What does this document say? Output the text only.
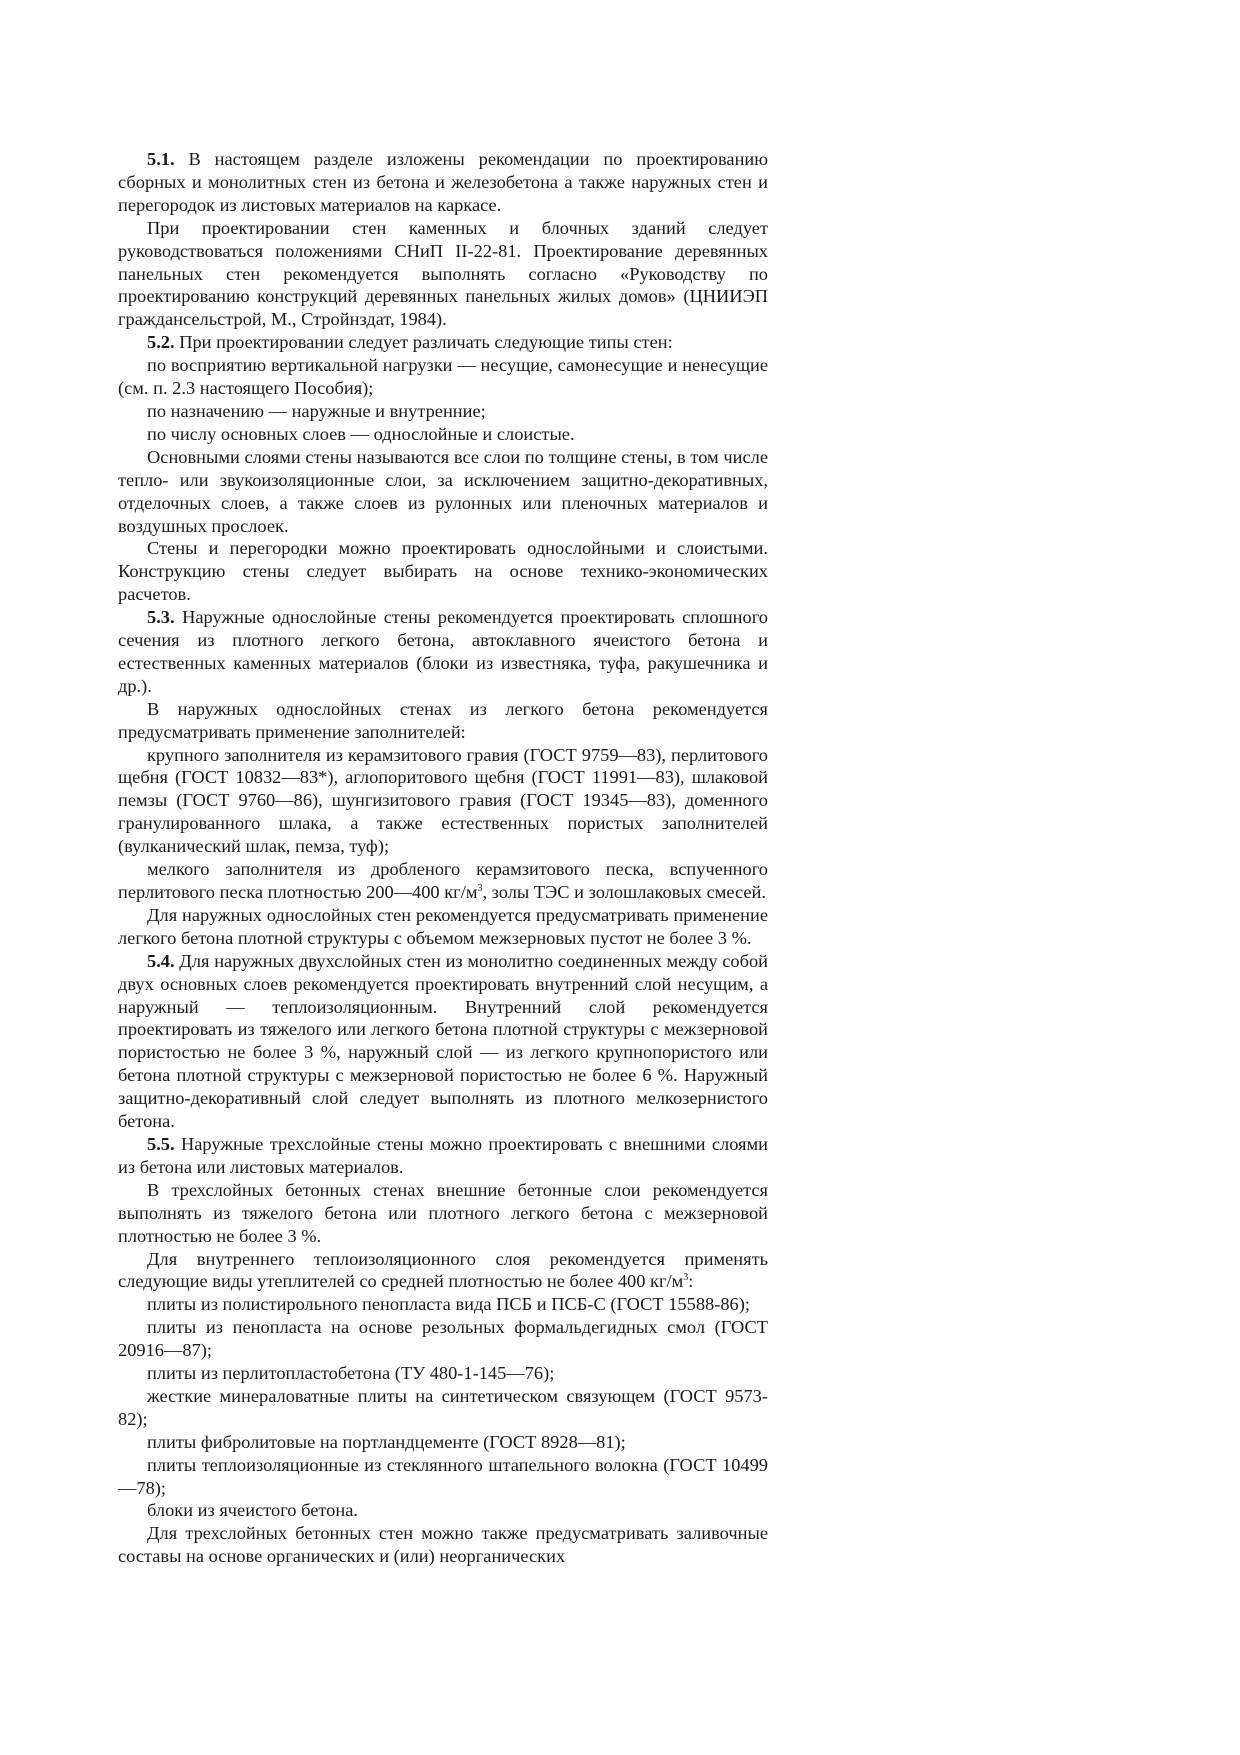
5.1. В настоящем разделе изложены рекомендации по проектированию сборных и монолитных стен из бетона и железобетона а также наружных стен и перегородок из листовых материалов на каркасе.

При проектировании стен каменных и блочных зданий следует руководствоваться положениями СНиП II-22-81. Проектирование деревянных панельных стен рекомендуется выполнять согласно «Руководству по проектированию конструкций деревянных панельных жилых домов» (ЦНИИЭП граждансельстрой, М., Стройнздат, 1984).

5.2. При проектировании следует различать следующие типы стен:

по восприятию вертикальной нагрузки — несущие, самонесущие и ненесущие (см. п. 2.3 настоящего Пособия);

по назначению — наружные и внутренние;

по числу основных слоев — однослойные и слоистые.

Основными слоями стены называются все слои по толщине стены, в том числе тепло- или звукоизоляционные слои, за исключением защитно-декоративных, отделочных слоев, а также слоев из рулонных или пленочных материалов и воздушных прослоек.

Стены и перегородки можно проектировать однослойными и слоистыми. Конструкцию стены следует выбирать на основе технико-экономических расчетов.

5.3. Наружные однослойные стены рекомендуется проектировать сплошного сечения из плотного легкого бетона, автоклавного ячеистого бетона и естественных каменных материалов (блоки из известняка, туфа, ракушечника и др.).

В наружных однослойных стенах из легкого бетона рекомендуется предусматривать применение заполнителей:

крупного заполнителя из керамзитового гравия (ГОСТ 9759—83), перлитового щебня (ГОСТ 10832—83*), аглопоритового щебня (ГОСТ 11991—83), шлаковой пемзы (ГОСТ 9760—86), шунгизитового гравия (ГОСТ 19345—83), доменного гранулированного шлака, а также естественных пористых заполнителей (вулканический шлак, пемза, туф);

мелкого заполнителя из дробленого керамзитового песка, вспученного перлитового песка плотностью 200—400 $кг/м^3$, золы ТЭС и золошлаковых смесей.

Для наружных однослойных стен рекомендуется предусматривать применение легкого бетона плотной структуры с объемом межзерновых пустот не более 3 %.

5.4. Для наружных двухслойных стен из монолитно соединенных между собой двух основных слоев рекомендуется проектировать внутренний слой несущим, а наружный — теплоизоляционным. Внутренний слой рекомендуется проектировать из тяжелого или легкого бетона плотной структуры с межзерновой пористостью не более 3 %, наружный слой — из легкого крупнопористого или бетона плотной структуры с межзерновой пористостью не более 6 %. Наружный защитно-декоративный слой следует выполнять из плотного мелкозернистого бетона.

5.5. Наружные трехслойные стены можно проектировать с внешними слоями из бетона или листовых материалов.

В трехслойных бетонных стенах внешние бетонные слои рекомендуется выполнять из тяжелого бетона или плотного легкого бетона с межзерновой плотностью не более 3 %.

Для внутреннего теплоизоляционного слоя рекомендуется применять следующие виды утеплителей со средней плотностью не более 400 $кг/м^3$:

плиты из полистирольного пенопласта вида ПСБ и ПСБ-С (ГОСТ 15588-86);

плиты из пенопласта на основе резольных формальдегидных смол (ГОСТ 20916—87);

плиты из перлитопластобетона (ТУ 480-1-145—76);

жесткие минераловатные плиты на синтетическом связующем (ГОСТ 9573-82);

плиты фибролитовые на портландцементе (ГОСТ 8928—81);

плиты теплоизоляционные из стеклянного штапельного волокна (ГОСТ 10499—78);

блоки из ячеистого бетона.

Для трехслойных бетонных стен можно также предусматривать заливочные составы на основе органических и (или) неорганических
